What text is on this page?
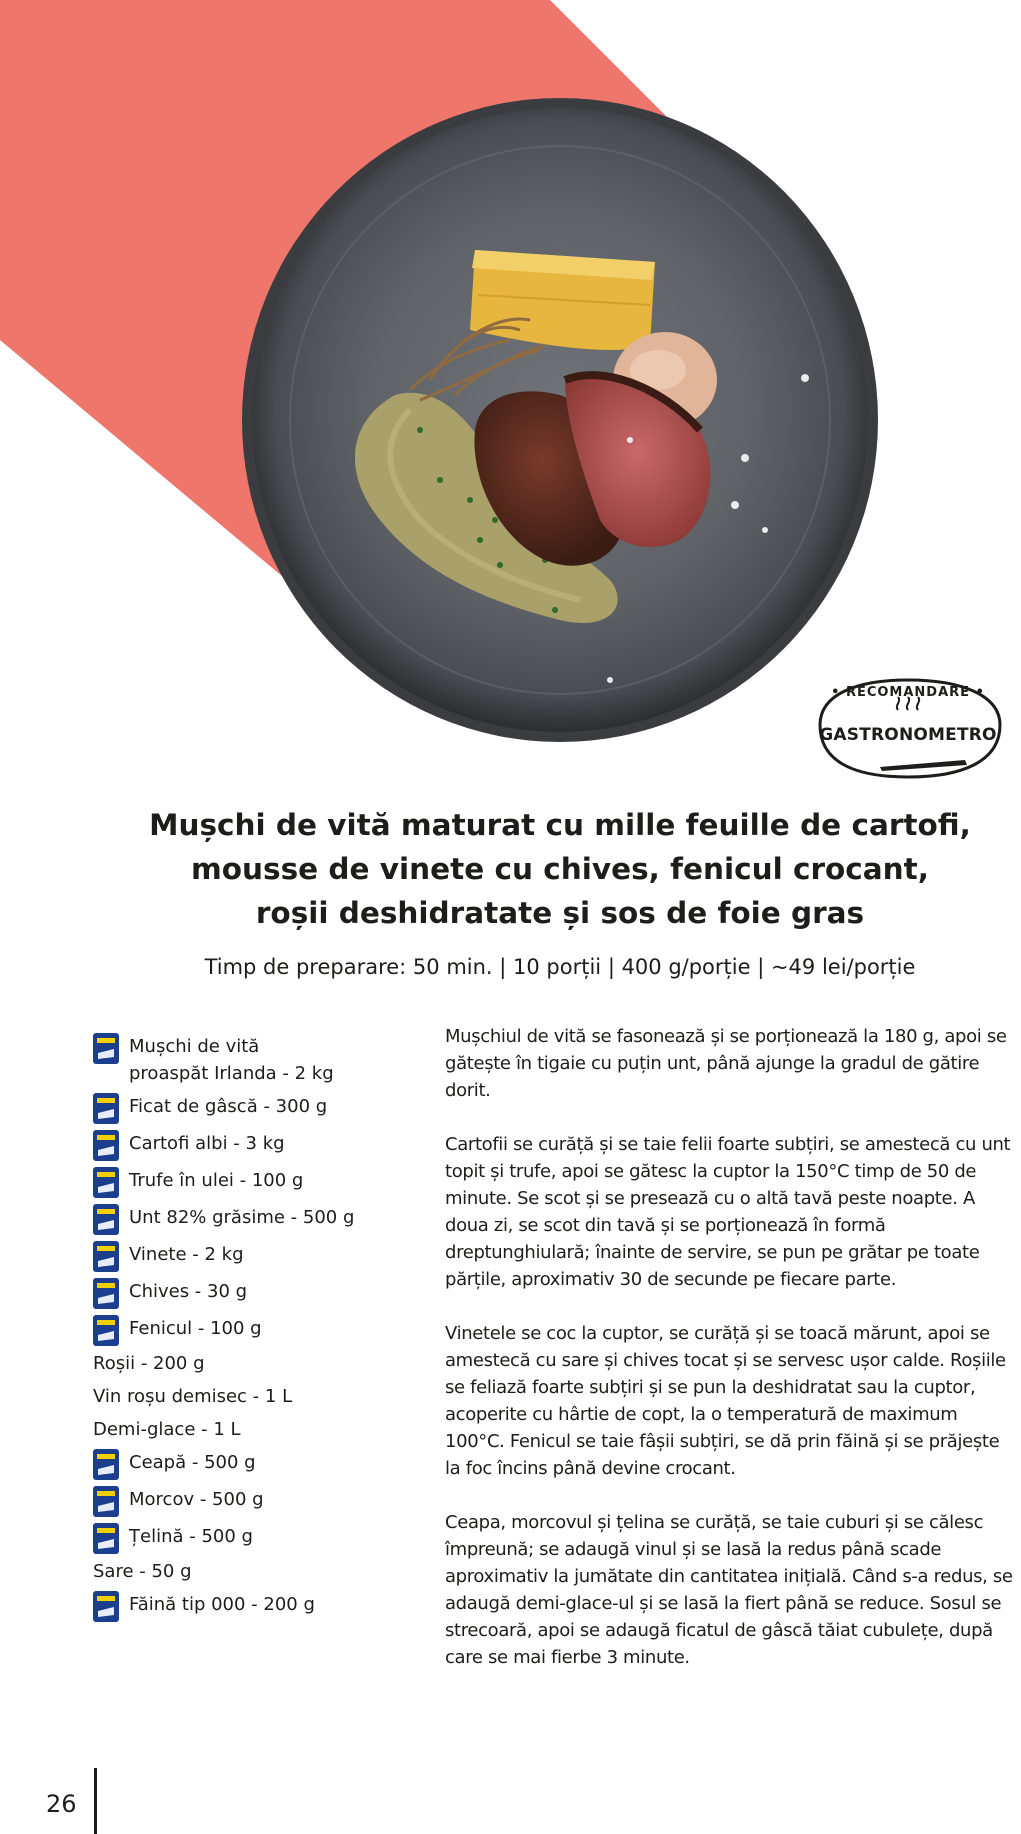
• RECOMANDARE •
GASTRONOMETRO
Mușchi de vită maturat cu mille feuille de cartofi,
mousse de vinete cu chives, fenicul crocant,
roșii deshidratate și sos de foie gras
Timp de preparare: 50 min. | 10 porții | 400 g/porție | ~49 lei/porție
Mușchi de vită
proaspăt Irlanda - 2 kg
Ficat de gâscă - 300 g
Cartofi albi - 3 kg
Trufe în ulei - 100 g
Unt 82% grăsime - 500 g
Vinete - 2 kg
Chives - 30 g
Fenicul - 100 g
Roșii - 200 g
Vin roșu demisec - 1 L
Demi-glace - 1 L
Ceapă - 500 g
Morcov - 500 g
Țelină - 500 g
Sare - 50 g
Făină tip 000 - 200 g

Mușchiul de vită se fasonează și se porționează la 180 g, apoi se gătește în tigaie cu puțin unt, până ajunge la gradul de gătire dorit.

Cartofii se curăță și se taie felii foarte subțiri, se amestecă cu unt topit și trufe, apoi se gătesc la cuptor la 150°C timp de 50 de minute. Se scot și se presează cu o altă tavă peste noapte. A doua zi, se scot din tavă și se porționează în formă dreptunghiulară; înainte de servire, se pun pe grătar pe toate părțile, aproximativ 30 de secunde pe fiecare parte.

Vinetele se coc la cuptor, se curăță și se toacă mărunt, apoi se amestecă cu sare și chives tocat și se servesc ușor calde. Roșiile se feliază foarte subțiri și se pun la deshidratat sau la cuptor, acoperite cu hârtie de copt, la o temperatură de maximum 100°C. Fenicul se taie fâșii subțiri, se dă prin făină și se prăjește la foc încins până devine crocant.

Ceapa, morcovul și țelina se curăță, se taie cuburi și se călesc împreună; se adaugă vinul și se lasă la redus până scade aproximativ la jumătate din cantitatea inițială. Când s-a redus, se adaugă demi-glace-ul și se lasă la fiert până se reduce. Sosul se strecoară, apoi se adaugă ficatul de gâscă tăiat cubulețe, după care se mai fierbe 3 minute.

26
